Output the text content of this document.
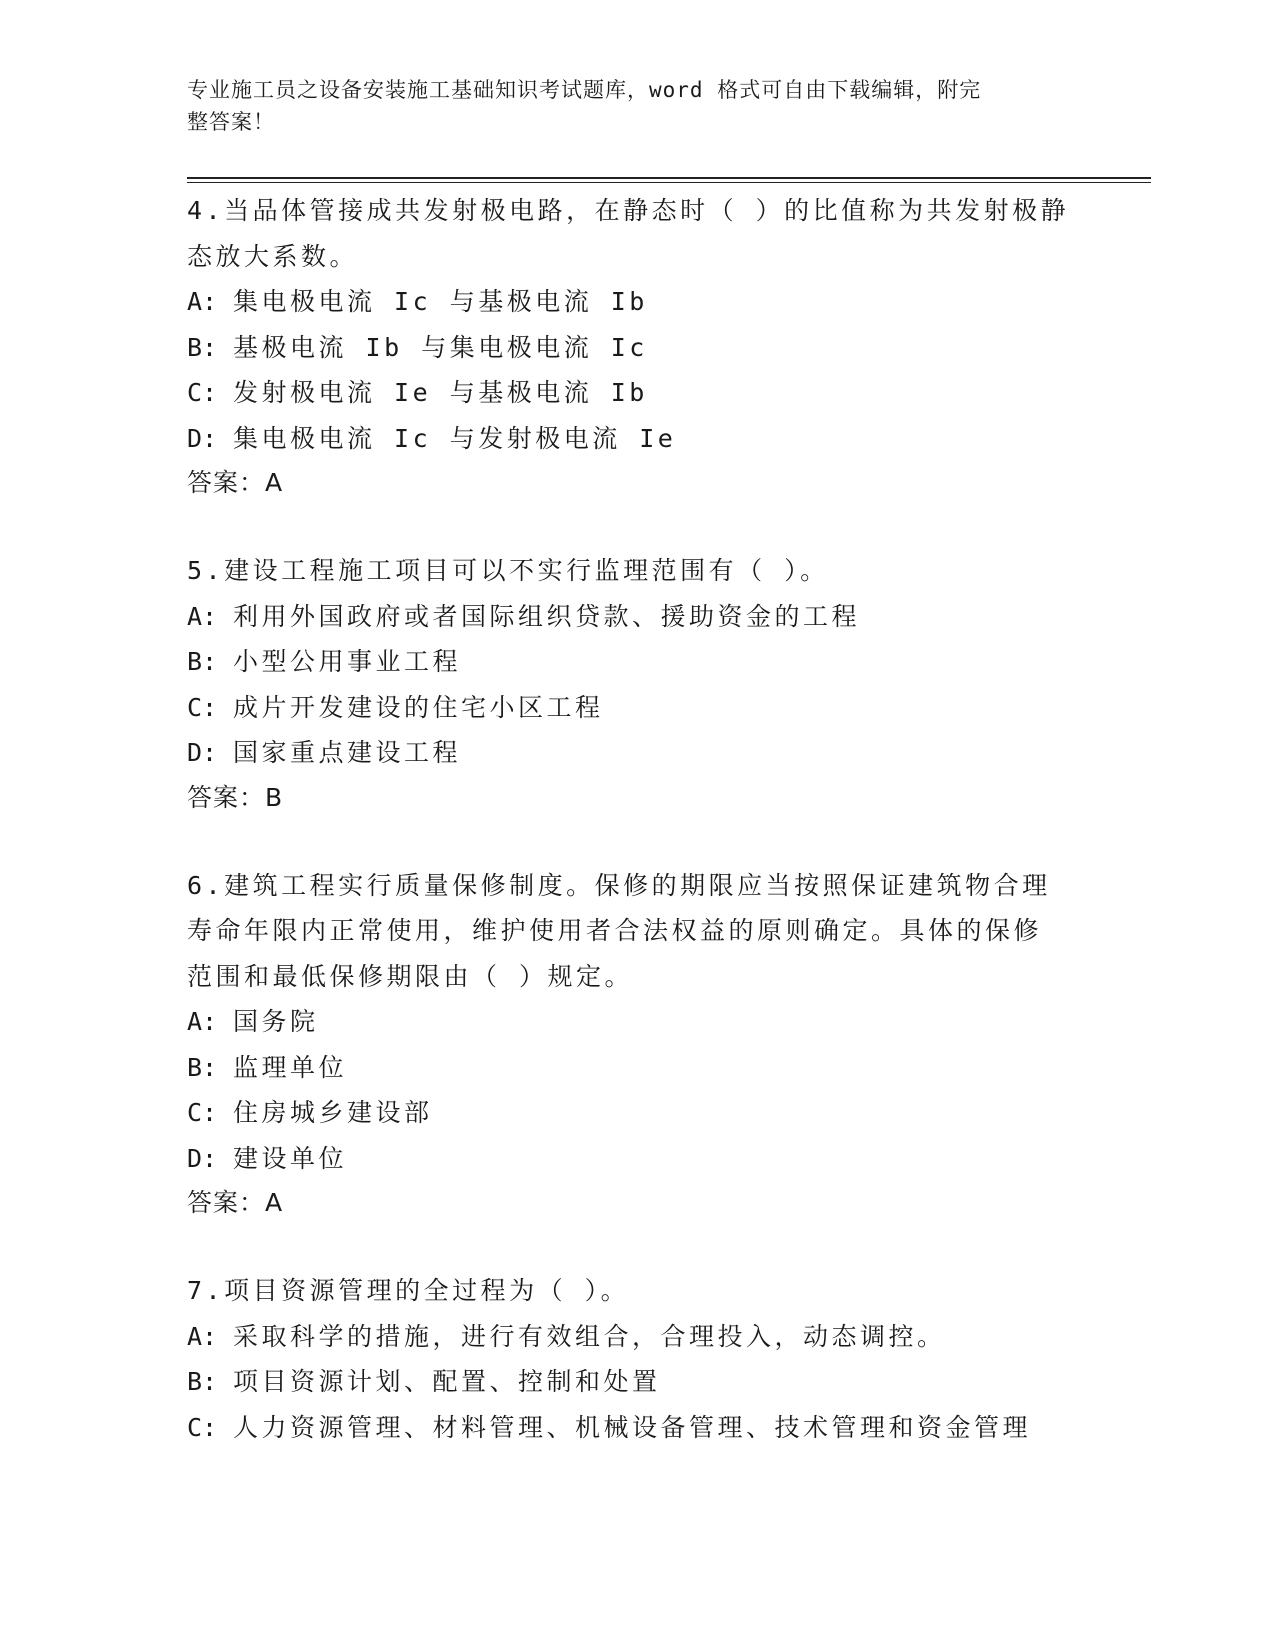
专业施工员之设备安装施工基础知识考试题库，word 格式可自由下载编辑，附完
整答案！

4.当品体管接成共发射极电路，在静态时（ ）的比值称为共发射极静

态放大系数。

A: 集电极电流 Ic 与基极电流 Ib

B: 基极电流 Ib 与集电极电流 Ic

C: 发射极电流 Ie 与基极电流 Ib

D: 集电极电流 Ic 与发射极电流 Ie

答案：A

5.建设工程施工项目可以不实行监理范围有（ ）。

A: 利用外国政府或者国际组织贷款、援助资金的工程

B: 小型公用事业工程

C: 成片开发建设的住宅小区工程

D: 国家重点建设工程

答案：B

6.建筑工程实行质量保修制度。保修的期限应当按照保证建筑物合理

寿命年限内正常使用，维护使用者合法权益的原则确定。具体的保修

范围和最低保修期限由（ ）规定。

A: 国务院

B: 监理单位

C: 住房城乡建设部

D: 建设单位

答案：A

7.项目资源管理的全过程为（ ）。

A: 采取科学的措施，进行有效组合，合理投入，动态调控。

B: 项目资源计划、配置、控制和处置

C: 人力资源管理、材料管理、机械设备管理、技术管理和资金管理
